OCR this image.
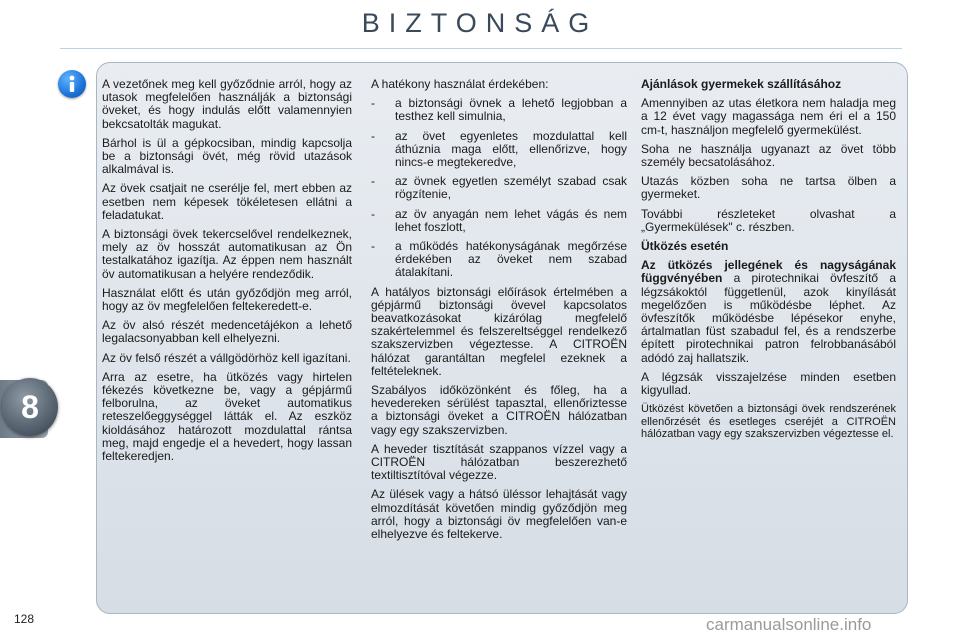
BIZTONSÁG
8

A vezetőnek meg kell győződnie arról, hogy az utasok megfelelően használják a biztonsági öveket, és hogy indulás előtt valamennyien bekcsatolták magukat.

Bárhol is ül a gépkocsiban, mindig kapcsolja be a biztonsági övét, még rövid utazások alkalmával is.

Az övek csatjait ne cserélje fel, mert ebben az esetben nem képesek tökéletesen ellátni a feladatukat.

A biztonsági övek tekercselővel rendelkeznek, mely az öv hosszát automatikusan az Ön testalkatához igazítja. Az éppen nem használt öv automatikusan a helyére rendeződik.

Használat előtt és után győződjön meg arról, hogy az öv megfelelően feltekeredett-e.

Az öv alsó részét medencetájékon a lehető legalacsonyabban kell elhelyezni.

Az öv felső részét a vállgödörhöz kell igazítani.

Arra az esetre, ha ütközés vagy hirtelen fékezés következne be, vagy a gépjármű felborulna, az öveket automatikus reteszelőeggységgel látták el. Az eszköz kioldásához határozott mozdulattal rántsa meg, majd engedje el a hevedert, hogy lassan feltekeredjen.

A hatékony használat érdekében:

- a biztonsági övnek a lehető legjobban a testhez kell simulnia,
- az övet egyenletes mozdulattal kell áthúznia maga előtt, ellenőrizve, hogy nincs-e megtekeredve,
- az övnek egyetlen személyt szabad csak rögzítenie,
- az öv anyagán nem lehet vágás és nem lehet foszlott,
- a működés hatékonyságának megőrzése érdekében az öveket nem szabad átalakítani.

A hatályos biztonsági előírások értelmében a gépjármű biztonsági övevel kapcsolatos beavatkozásokat kizárólag megfelelő szakértelemmel és felszereltséggel rendelkező szakszervizben végeztesse. A CITROËN hálózat garantáltan megfelel ezeknek a feltételeknek.

Szabályos időközönként és főleg, ha a hevedereken sérülést tapasztal, ellenőriztesse a biztonsági öveket a CITROËN hálózatban vagy egy szakszervizben.

A heveder tisztítását szappanos vízzel vagy a CITROËN hálózatban beszerezhető textiltisztítóval végezze.

Az ülések vagy a hátsó üléssor lehajtását vagy elmozdítását követően mindig győződjön meg arról, hogy a biztonsági öv megfelelően van-e elhelyezve és feltekerve.

Ajánlások gyermekek szállításához

Amennyiben az utas életkora nem haladja meg a 12 évet vagy magassága nem éri el a 150 cm-t, használjon megfelelő gyermekülést.

Soha ne használja ugyanazt az övet több személy becsatolásához.

Utazás közben soha ne tartsa ölben a gyermeket.

További részleteket olvashat a „Gyermekülések" c. részben.

Ütközés esetén

Az ütközés jellegének és nagyságának függvényében a pirotechnikai övfeszítő a légzsákoktól függetlenül, azok kinyílását megelőzően is működésbe léphet. Az övfeszítők működésbe lépésekor enyhe, ártalmatlan füst szabadul fel, és a rendszerbe épített pirotechnikai patron felrobbanásából adódó zaj hallatszik.

A légzsák visszajelzése minden esetben kigyullad.

Ütközést követően a biztonsági övek rendszerének ellenőrzését és esetleges cseréjét a CITROËN hálózatban vagy egy szakszervizben végeztesse el.

128	carmanualsonline.info
